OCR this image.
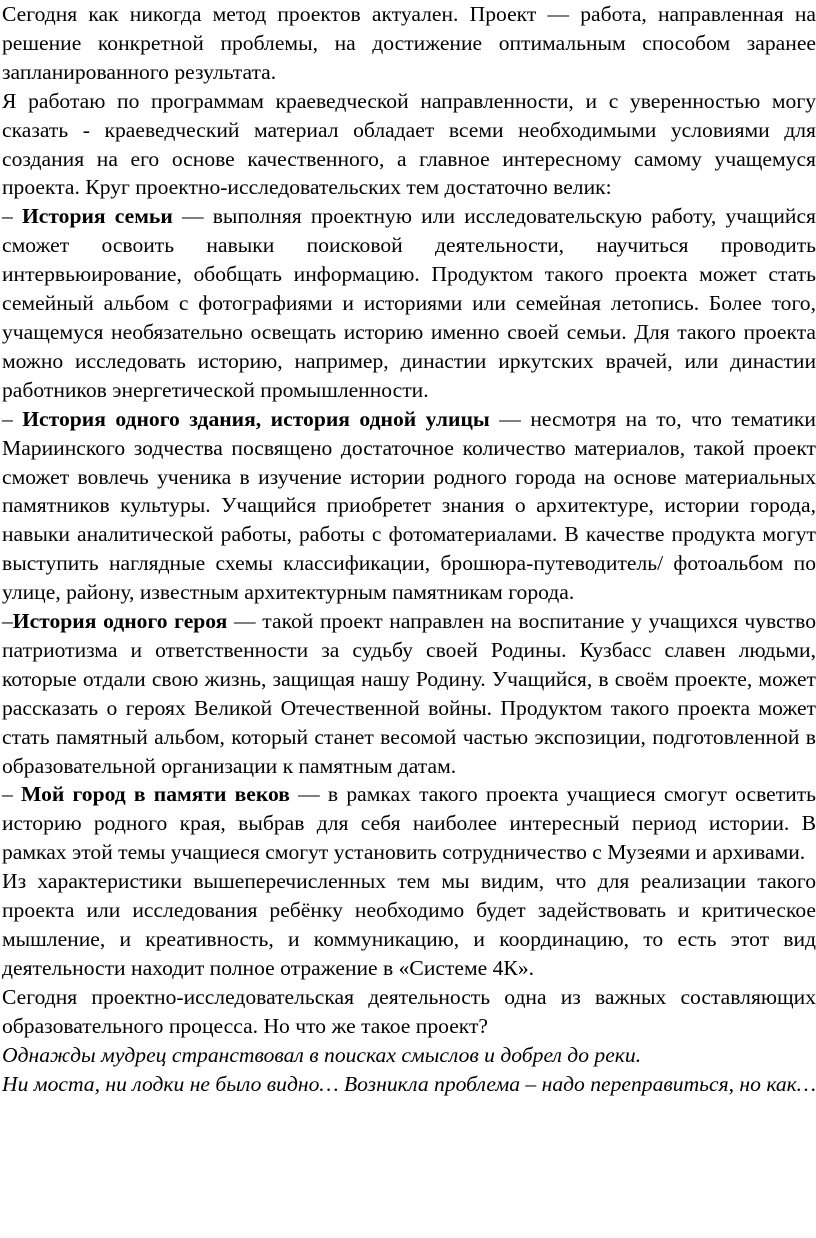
Сегодня как никогда метод проектов актуален. Проект — работа, направленная на решение конкретной проблемы, на достижение оптимальным способом заранее запланированного результата.

Я работаю по программам краеведческой направленности, и с уверенностью могу сказать - краеведческий материал обладает всеми необходимыми условиями для создания на его основе качественного, а главное интересному самому учащемуся проекта. Круг проектно-исследовательских тем достаточно велик:

– История семьи — выполняя проектную или исследовательскую работу, учащийся сможет освоить навыки поисковой деятельности, научиться проводить интервьюирование, обобщать информацию. Продуктом такого проекта может стать семейный альбом с фотографиями и историями или семейная летопись. Более того, учащемуся необязательно освещать историю именно своей семьи. Для такого проекта можно исследовать историю, например, династии иркутских врачей, или династии работников энергетической промышленности.

– История одного здания, история одной улицы — несмотря на то, что тематики Мариинского зодчества посвящено достаточное количество материалов, такой проект сможет вовлечь ученика в изучение истории родного города на основе материальных памятников культуры. Учащийся приобретет знания о архитектуре, истории города, навыки аналитической работы, работы с фотоматериалами. В качестве продукта могут выступить наглядные схемы классификации, брошюра-путеводитель/ фотоальбом по улице, району, известным архитектурным памятникам города.

–История одного героя — такой проект направлен на воспитание у учащихся чувство патриотизма и ответственности за судьбу своей Родины. Кузбасс славен людьми, которые отдали свою жизнь, защищая нашу Родину. Учащийся, в своём проекте, может рассказать о героях Великой Отечественной войны. Продуктом такого проекта может стать памятный альбом, который станет весомой частью экспозиции, подготовленной в образовательной организации к памятным датам.

– Мой город в памяти веков — в рамках такого проекта учащиеся смогут осветить историю родного края, выбрав для себя наиболее интересный период истории. В рамках этой темы учащиеся смогут установить сотрудничество с Музеями и архивами.

Из характеристики вышеперечисленных тем мы видим, что для реализации такого проекта или исследования ребёнку необходимо будет задействовать и критическое мышление, и креативность, и коммуникацию, и координацию, то есть этот вид деятельности находит полное отражение в «Системе 4К».

Сегодня проектно-исследовательская деятельность одна из важных составляющих образовательного процесса. Но что же такое проект?

Однажды мудрец странствовал в поисках смыслов и добрел до реки.

Ни моста, ни лодки не было видно… Возникла проблема – надо переправиться, но как…
